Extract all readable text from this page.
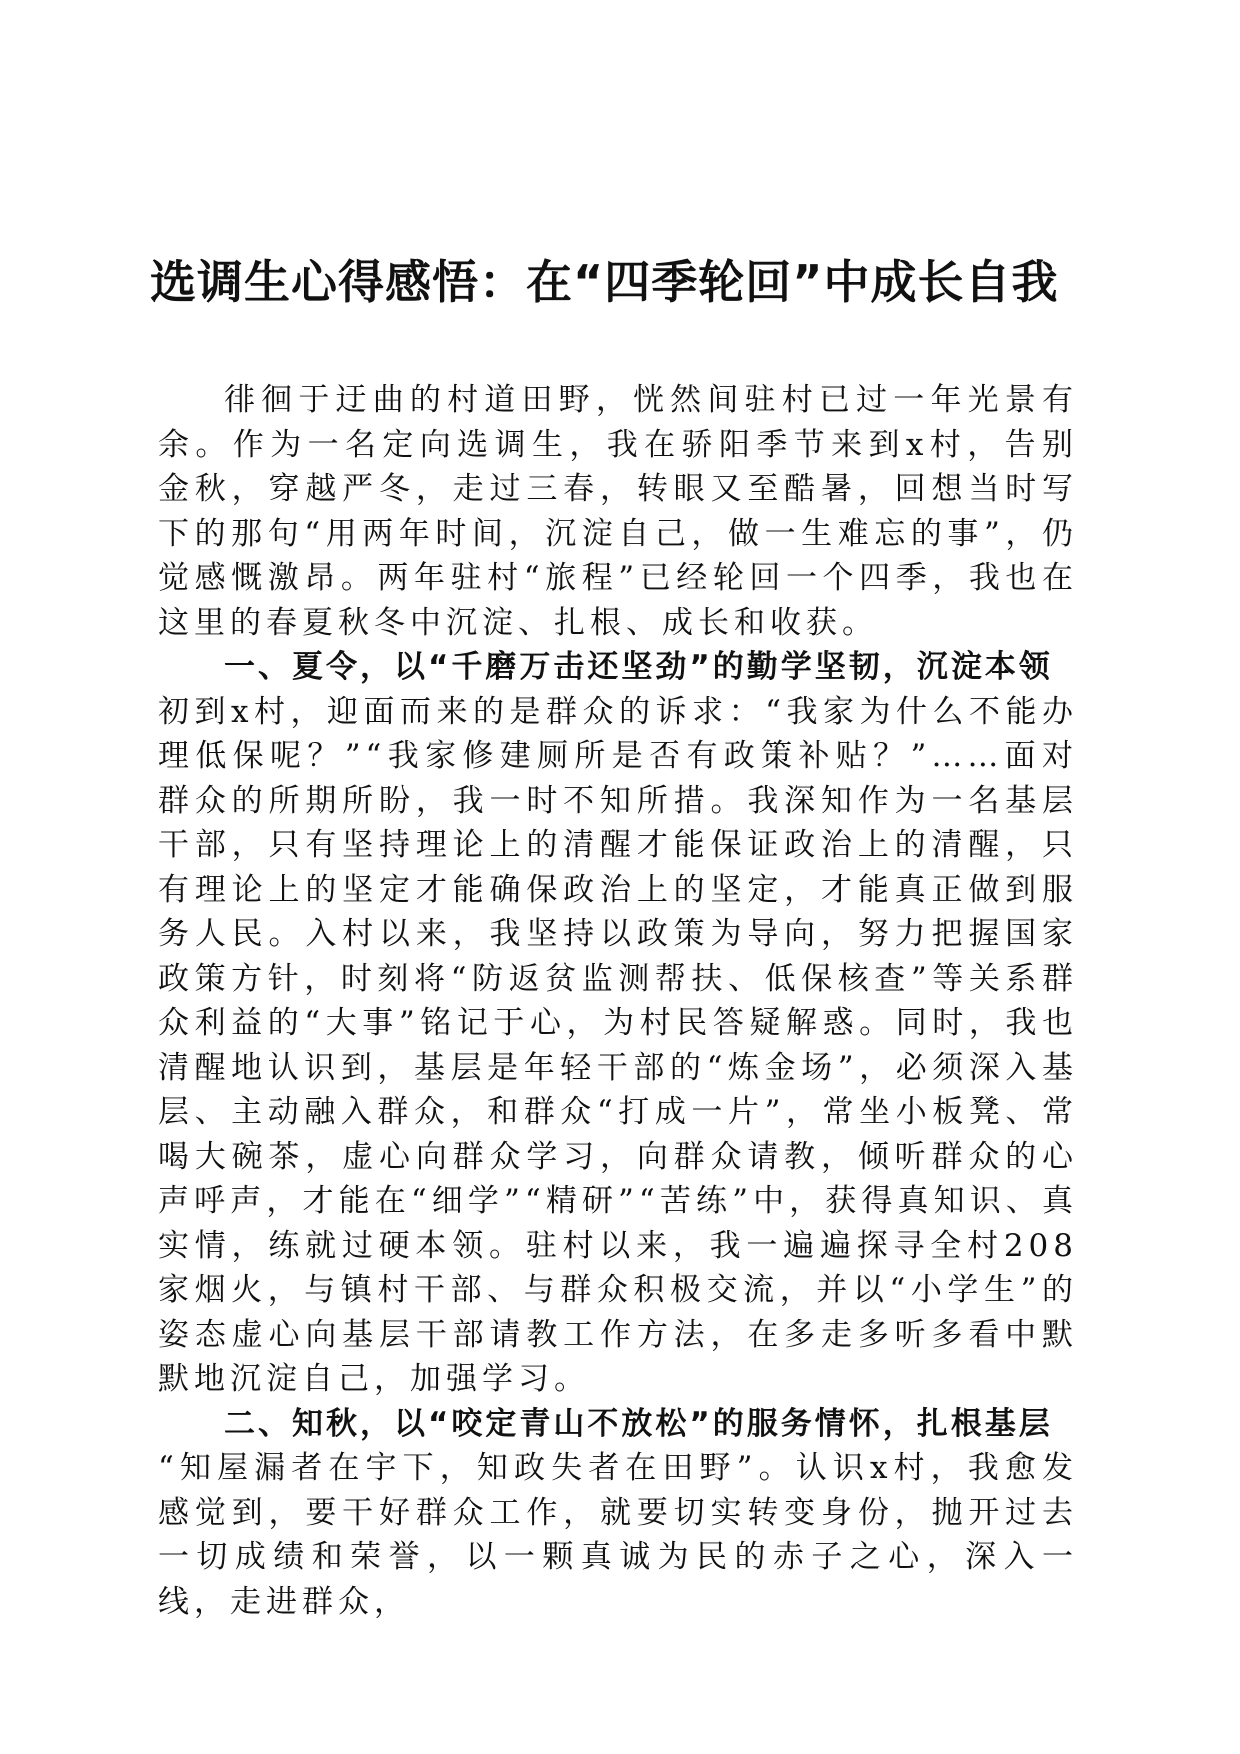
选调生心得感悟：在“四季轮回”中成长自我

徘徊于迂曲的村道田野，恍然间驻村已过一年光景有余。作为一名定向选调生，我在骄阳季节来到x村，告别金秋，穿越严冬，走过三春，转眼又至酷暑，回想当时写下的那句“用两年时间，沉淀自己，做一生难忘的事”，仍觉感慨激昂。两年驻村“旅程”已经轮回一个四季，我也在这里的春夏秋冬中沉淀、扎根、成长和收获。

一、夏令，以“千磨万击还坚劲”的勤学坚韧，沉淀本领

初到x村，迎面而来的是群众的诉求：“我家为什么不能办理低保呢？”“我家修建厕所是否有政策补贴？”……面对群众的所期所盼，我一时不知所措。我深知作为一名基层干部，只有坚持理论上的清醒才能保证政治上的清醒，只有理论上的坚定才能确保政治上的坚定，才能真正做到服务人民。入村以来，我坚持以政策为导向，努力把握国家政策方针，时刻将“防返贫监测帮扶、低保核查”等关系群众利益的“大事”铭记于心，为村民答疑解惑。同时，我也清醒地认识到，基层是年轻干部的“炼金场”，必须深入基层、主动融入群众，和群众“打成一片”，常坐小板凳、常喝大碗茶，虚心向群众学习，向群众请教，倾听群众的心声呼声，才能在“细学”“精研”“苦练”中，获得真知识、真实情，练就过硬本领。驻村以来，我一遍遍探寻全村208家烟火，与镇村干部、与群众积极交流，并以“小学生”的姿态虚心向基层干部请教工作方法，在多走多听多看中默默地沉淀自己，加强学习。

二、知秋，以“咬定青山不放松”的服务情怀，扎根基层

“知屋漏者在宇下，知政失者在田野”。认识x村，我愈发感觉到，要干好群众工作，就要切实转变身份，抛开过去一切成绩和荣誉，以一颗真诚为民的赤子之心，深入一线，走进群众，
